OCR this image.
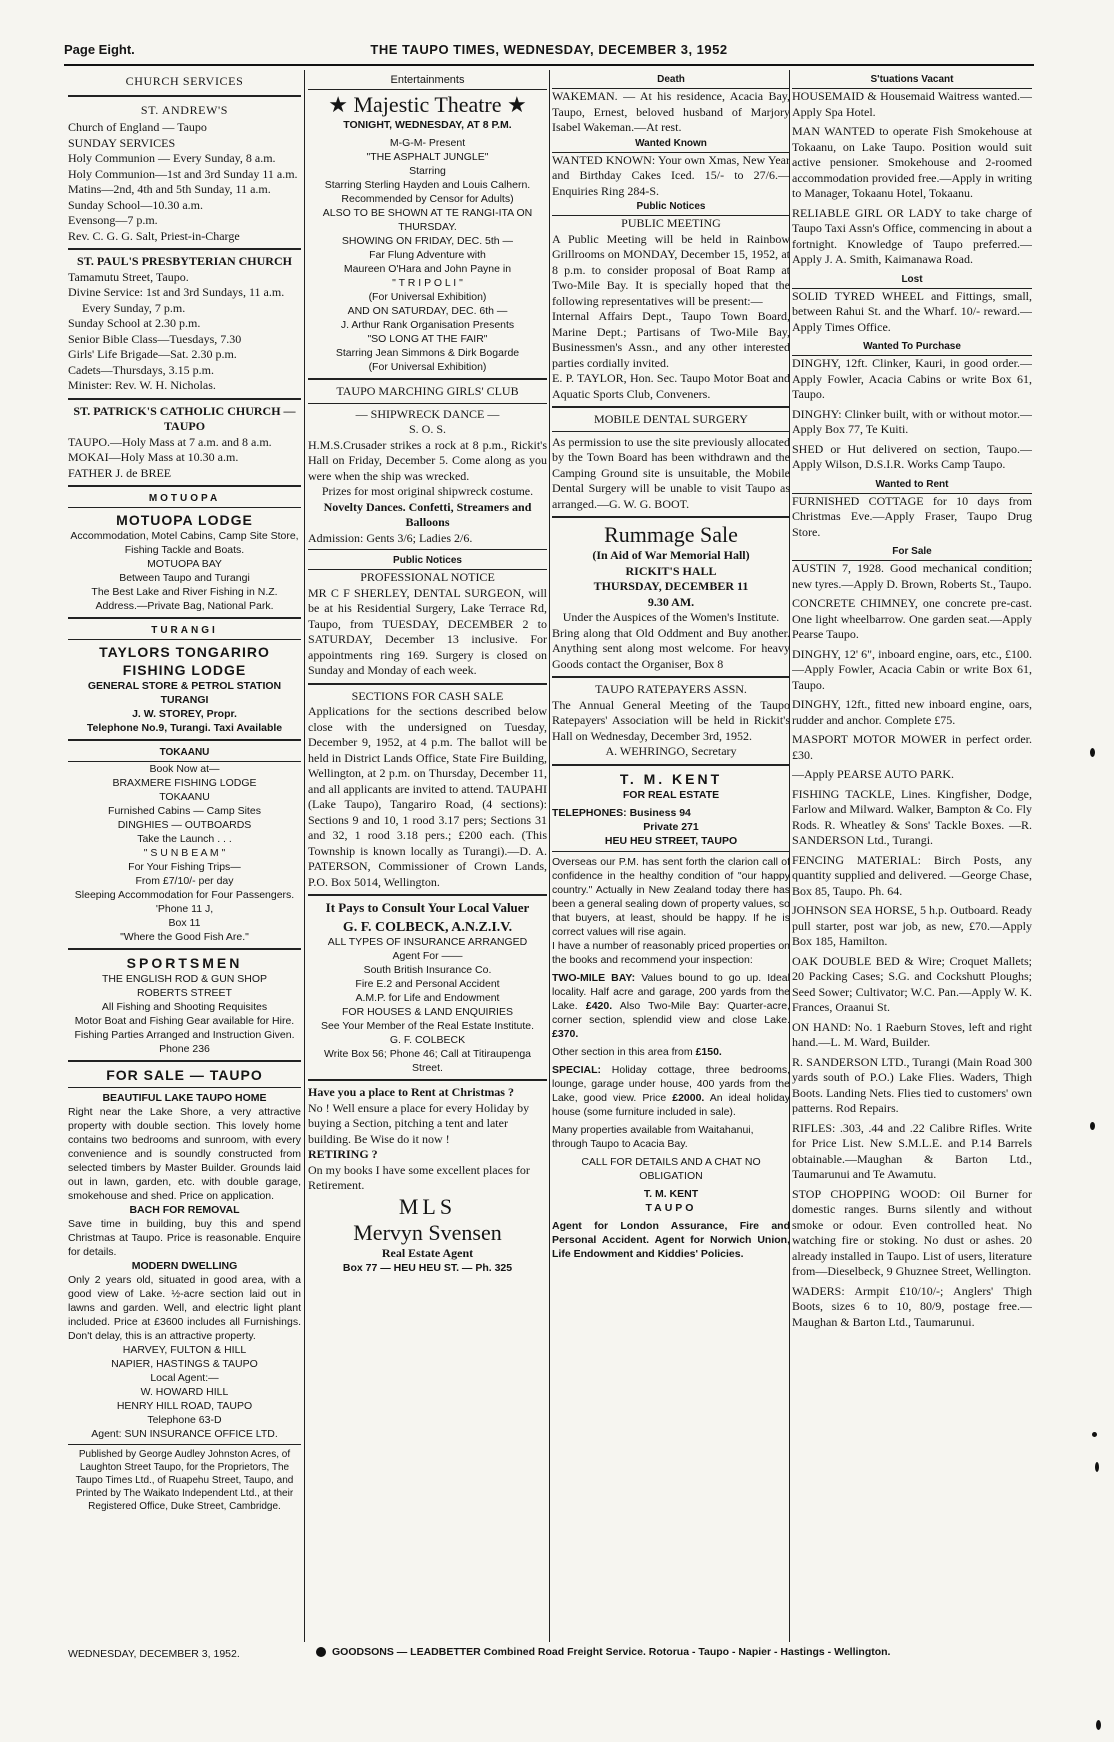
Page Eight.	THE TAUPO TIMES, WEDNESDAY, DECEMBER 3, 1952
CHURCH SERVICES
ST. ANDREW'S
Church of England — Taupo
SUNDAY SERVICES
Holy Communion — Every Sunday, 8 a.m.
Holy Communion—1st and 3rd Sunday 11 a.m.
Matins—2nd, 4th and 5th Sunday, 11 a.m.
Sunday School—10.30 a.m.
Evensong—7 p.m.
Rev. C. G. G. Salt, Priest-in-Charge
ST. PAUL'S PRESBYTERIAN CHURCH
Tamamutu Street, Taupo.
Divine Service: 1st and 3rd Sundays, 11 a.m. Every Sunday, 7 p.m.
Sunday School at 2.30 p.m.
Senior Bible Class—Tuesdays, 7.30
Girls' Life Brigade—Sat. 2.30 p.m.
Cadets—Thursdays, 3.15 p.m.
Minister: Rev. W. H. Nicholas.
ST. PATRICK'S CATHOLIC CHURCH — TAUPO
TAUPO.—Holy Mass at 7 a.m. and 8 a.m.
MOKAI—Holy Mass at 10.30 a.m.
FATHER J. de BREE
MOTUOPA
MOTUOPA LODGE
Accommodation, Motel Cabins, Camp Site Store, Fishing Tackle and Boats.
MOTUOPA BAY
Between Taupo and Turangi
The Best Lake and River Fishing in N.Z.
Address.—Private Bag, National Park.
TURANGI
TAYLORS TONGARIRO FISHING LODGE
GENERAL STORE & PETROL STATION
TURANGI
J. W. STOREY, Propr.
Telephone No.9, Turangi. Taxi Available
TOKAANU
Book Now at—
BRAXMERE FISHING LODGE
TOKAANU
Furnished Cabins — Camp Sites
DINGHIES — OUTBOARDS
Take the Launch . . .
" S U N B E A M "
For Your Fishing Trips—
From £7/10/- per day
Sleeping Accommodation for Four Passengers.
'Phone 11 J,
Box 11
"Where the Good Fish Are."
SPORTSMEN
THE ENGLISH ROD & GUN SHOP
ROBERTS STREET
All Fishing and Shooting Requisites
Motor Boat and Fishing Gear available for Hire. Fishing Parties Arranged and Instruction Given.
Phone 236
FOR SALE — TAUPO
BEAUTIFUL LAKE TAUPO HOME
Right near the Lake Shore, a very attractive property with double section. This lovely home contains two bedrooms and sunroom, with every convenience and is soundly constructed from selected timbers by Master Builder. Grounds laid out in lawn, garden, etc. with double garage, smokehouse and shed. Price on application.
BACH FOR REMOVAL
Save time in building, buy this and spend Christmas at Taupo. Price is reasonable. Enquire for details.
MODERN DWELLING
Only 2 years old, situated in good area, with a good view of Lake. ½-acre section laid out in lawns and garden. Well, and electric light plant included. Price at £3600 includes all Furnishings. Don't delay, this is an attractive property.
HARVEY, FULTON & HILL
NAPIER, HASTINGS & TAUPO
Local Agent:—
W. HOWARD HILL
HENRY HILL ROAD, TAUPO
Telephone 63-D
Agent: SUN INSURANCE OFFICE LTD.
Published by George Audley Johnston Acres, of Laughton Street Taupo, for the Proprietors, The Taupo Times Ltd., of Ruapehu Street, Taupo, and Printed by The Waikato Independent Ltd., at their Registered Office, Duke Street, Cambridge.
WEDNESDAY, DECEMBER 3, 1952.
Entertainments
★ Majestic Theatre ★
TONIGHT, WEDNESDAY, AT 8 P.M.
M-G-M- Present
"THE ASPHALT JUNGLE"
Starring
Starring Sterling Hayden and Louis Calhern.
Recommended by Censor for Adults)
ALSO TO BE SHOWN AT TE RANGI-ITA ON THURSDAY.
SHOWING ON FRIDAY, DEC. 5th —
Far Flung Adventure with
Maureen O'Hara and John Payne in
" T R I P O L I "
(For Universal Exhibition)
AND ON SATURDAY, DEC. 6th —
J. Arthur Rank Organisation Presents
"SO LONG AT THE FAIR"
Starring Jean Simmons & Dirk Bogarde
(For Universal Exhibition)
TAUPO MARCHING GIRLS' CLUB
— SHIPWRECK DANCE —
S. O. S.
H.M.S.Crusader strikes a rock at 8 p.m., Rickit's Hall on Friday, December 5. Come along as you were when the ship was wrecked.
Prizes for most original shipwreck costume.
Novelty Dances. Confetti, Streamers and Balloons
Admission: Gents 3/6; Ladies 2/6.
Public Notices
PROFESSIONAL NOTICE
MR C F SHERLEY, DENTAL SURGEON, will be at his Residential Surgery, Lake Terrace Rd, Taupo, from TUESDAY, DECEMBER 2 to SATURDAY, December 13 inclusive. For appointments ring 169. Surgery is closed on Sunday and Monday of each week.
SECTIONS FOR CASH SALE
Applications for the sections described below close with the undersigned on Tuesday, December 9, 1952, at 4 p.m. The ballot will be held in District Lands Office, State Fire Building, Wellington, at 2 p.m. on Thursday, December 11, and all applicants are invited to attend. TAUPAHI (Lake Taupo), Tangariro Road, (4 sections): Sections 9 and 10, 1 rood 3.17 pers; Sections 31 and 32, 1 rood 3.18 pers.; £200 each. (This Township is known locally as Turangi).—D. A. PATERSON, Commissioner of Crown Lands, P.O. Box 5014, Wellington.
It Pays to Consult Your Local Valuer
G. F. COLBECK, A.N.Z.I.V.
ALL TYPES OF INSURANCE ARRANGED
Agent For ——
South British Insurance Co.
Fire E.2 and Personal Accident
A.M.P. for Life and Endowment
FOR HOUSES & LAND ENQUIRIES
See Your Member of the Real Estate Institute.
G. F. COLBECK
Write Box 56; Phone 46; Call at Titiraupenga Street.
Have you a place to Rent at Christmas ?
No ! Well ensure a place for every Holiday by buying a Section, pitching a tent and later building. Be Wise do it now !
RETIRING ?
On my books I have some excellent places for Retirement.
MLS
Mervyn Svensen
Real Estate Agent
Box 77 — HEU HEU ST. — Ph. 325
Death
WAKEMAN. — At his residence, Acacia Bay, Taupo, Ernest, beloved husband of Marjory Isabel Wakeman.—At rest.
Wanted Known
WANTED KNOWN: Your own Xmas, New Year and Birthday Cakes Iced. 15/- to 27/6.—Enquiries Ring 284-S.
Public Notices
PUBLIC MEETING
A Public Meeting will be held in Rainbow Grillrooms on MONDAY, December 15, 1952, at 8 p.m. to consider proposal of Boat Ramp at Two-Mile Bay. It is specially hoped that the following representatives will be present:—
Internal Affairs Dept., Taupo Town Board, Marine Dept.; Partisans of Two-Mile Bay, Businessmen's Assn., and any other interested parties cordially invited.
E. P. TAYLOR, Hon. Sec. Taupo Motor Boat and Aquatic Sports Club, Conveners.
MOBILE DENTAL SURGERY
As permission to use the site previously allocated by the Town Board has been withdrawn and the Camping Ground site is unsuitable, the Mobile Dental Surgery will be unable to visit Taupo as arranged.—G. W. G. BOOT.
Rummage Sale
(In Aid of War Memorial Hall)
RICKIT'S HALL
THURSDAY, DECEMBER 11
9.30 AM.
Under the Auspices of the Women's Institute.
Bring along that Old Oddment and Buy another. Anything sent along most welcome. For heavy Goods contact the Organiser, Box 8
TAUPO RATEPAYERS ASSN.
The Annual General Meeting of the Taupo Ratepayers' Association will be held in Rickit's Hall on Wednesday, December 3rd, 1952.
A. WEHRINGO, Secretary
T. M. KENT
FOR REAL ESTATE
TELEPHONES: Business 94
Private 271
HEU HEU STREET, TAUPO
Overseas our P.M. has sent forth the clarion call of confidence in the healthy condition of "our happy country." Actually in New Zealand today there has been a general sealing down of property values, so that buyers, at least, should be happy. If he is correct values will rise again.
I have a number of reasonably priced properties on the books and recommend your inspection:
TWO-MILE BAY: Values bound to go up. Ideal locality. Half acre and garage, 200 yards from the Lake. £420. Also Two-Mile Bay: Quarter-acre, corner section, splendid view and close Lake. £370.
Other section in this area from £150.
SPECIAL: Holiday cottage, three bedrooms, lounge, garage under house, 400 yards from the Lake, good view. Price £2000. An ideal holiday house (some furniture included in sale).
Many properties available from Waitahanui, through Taupo to Acacia Bay.
CALL FOR DETAILS AND A CHAT NO OBLIGATION
T. M. KENT
TAUPO
Agent for London Assurance, Fire and Personal Accident. Agent for Norwich Union, Life Endowment and Kiddies' Policies.
S'tuations Vacant
HOUSEMAID & Housemaid Waitress wanted.—Apply Spa Hotel.
MAN WANTED to operate Fish Smokehouse at Tokaanu, on Lake Taupo. Position would suit active pensioner. Smokehouse and 2-roomed accommodation provided free.—Apply in writing to Manager, Tokaanu Hotel, Tokaanu.
RELIABLE GIRL OR LADY to take charge of Taupo Taxi Assn's Office, commencing in about a fortnight. Knowledge of Taupo preferred.—Apply J. A. Smith, Kaimanawa Road.
Lost
SOLID TYRED WHEEL and Fittings, small, between Rahui St. and the Wharf. 10/- reward.—Apply Times Office.
Wanted To Purchase
DINGHY, 12ft. Clinker, Kauri, in good order.—Apply Fowler, Acacia Cabins or write Box 61, Taupo.
DINGHY: Clinker built, with or without motor.—Apply Box 77, Te Kuiti.
SHED or Hut delivered on section, Taupo.—Apply Wilson, D.S.I.R. Works Camp Taupo.
Wanted to Rent
FURNISHED COTTAGE for 10 days from Christmas Eve.—Apply Fraser, Taupo Drug Store.
For Sale
AUSTIN 7, 1928. Good mechanical condition; new tyres.—Apply D. Brown, Roberts St., Taupo.
CONCRETE CHIMNEY, one concrete pre-cast. One light wheelbarrow. One garden seat.—Apply Pearse Taupo.
DINGHY, 12' 6", inboard engine, oars, etc., £100.—Apply Fowler, Acacia Cabin or write Box 61, Taupo.
DINGHY, 12ft., fitted new inboard engine, oars, rudder and anchor. Complete £75.
MASPORT MOTOR MOWER in perfect order. £30.
—Apply PEARSE AUTO PARK.
FISHING TACKLE, Lines. Kingfisher, Dodge, Farlow and Milward. Walker, Bampton & Co. Fly Rods. R. Wheatley & Sons' Tackle Boxes. —R. SANDERSON Ltd., Turangi.
FENCING MATERIAL: Birch Posts, any quantity supplied and delivered. —George Chase, Box 85, Taupo. Ph. 64.
JOHNSON SEA HORSE, 5 h.p. Outboard. Ready pull starter, post war job, as new, £70.—Apply Box 185, Hamilton.
OAK DOUBLE BED & Wire; Croquet Mallets; 20 Packing Cases; S.G. and Cockshutt Ploughs; Seed Sower; Cultivator; W.C. Pan.—Apply W. K. Frances, Oraanui St.
ON HAND: No. 1 Raeburn Stoves, left and right hand.—L. M. Ward, Builder.
R. SANDERSON LTD., Turangi (Main Road 300 yards south of P.O.) Lake Flies. Waders, Thigh Boots. Landing Nets. Flies tied to customers' own patterns. Rod Repairs.
RIFLES: .303, .44 and .22 Calibre Rifles. Write for Price List. New S.M.L.E. and P.14 Barrels obtainable.—Maughan & Barton Ltd., Taumarunui and Te Awamutu.
STOP CHOPPING WOOD: Oil Burner for domestic ranges. Burns silently and without smoke or odour. Even controlled heat. No watching fire or stoking. No dust or ashes. 20 already installed in Taupo. List of users, literature from—Dieselbeck, 9 Ghuznee Street, Wellington.
WADERS: Armpit £10/10/-; Anglers' Thigh Boots, sizes 6 to 10, 80/9, postage free.—Maughan & Barton Ltd., Taumarunui.
GOODSONS — LEADBETTER Combined Road Freight Service. Rotorua - Taupo - Napier - Hastings - Wellington.
